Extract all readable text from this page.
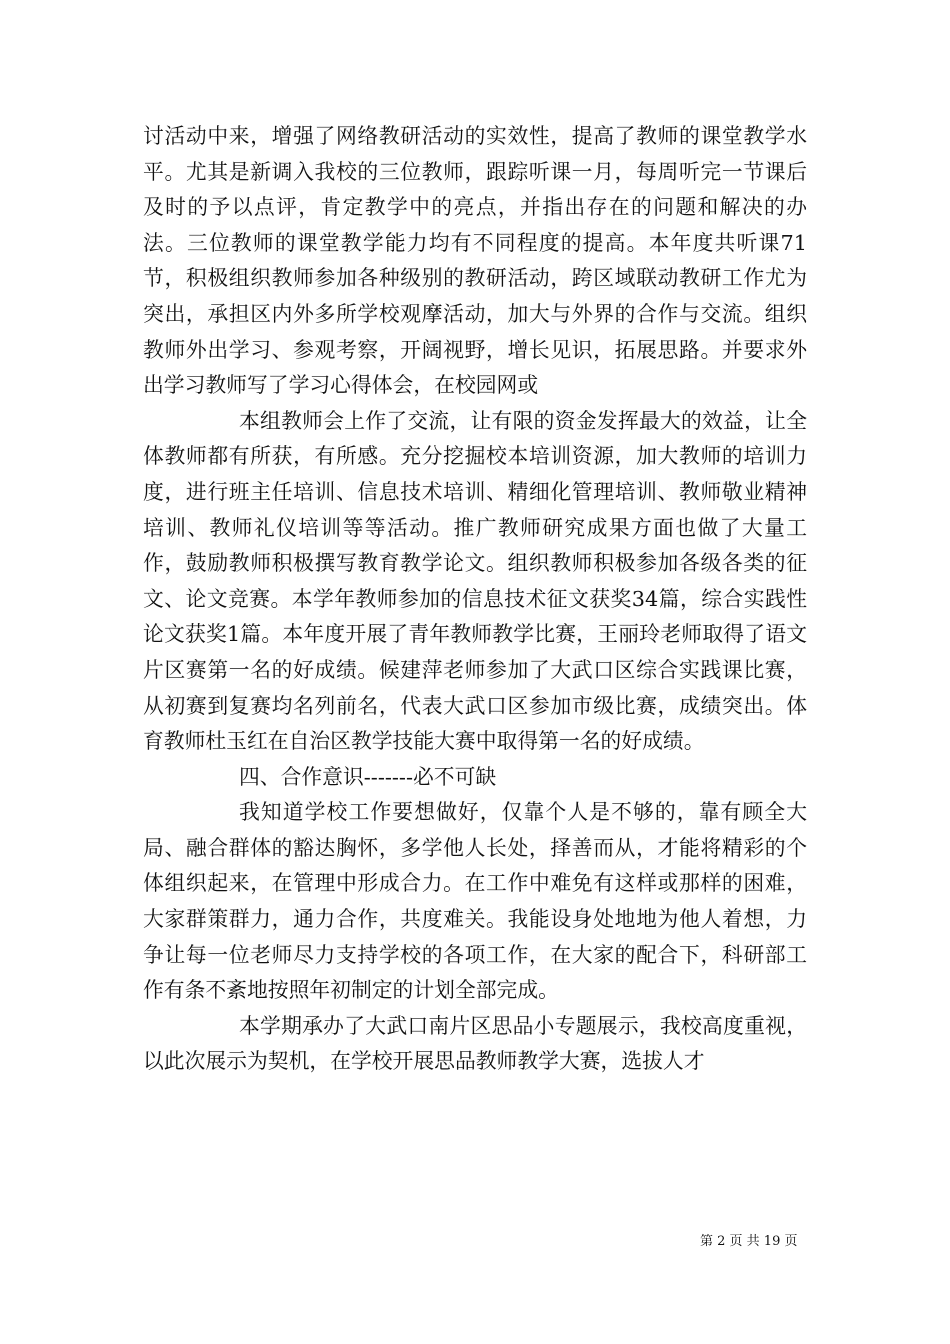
讨活动中来，增强了网络教研活动的实效性，提高了教师的课堂教学水平。尤其是新调入我校的三位教师，跟踪听课一月，每周听完一节课后及时的予以点评，肯定教学中的亮点，并指出存在的问题和解决的办法。三位教师的课堂教学能力均有不同程度的提高。本年度共听课71节，积极组织教师参加各种级别的教研活动，跨区域联动教研工作尤为突出，承担区内外多所学校观摩活动，加大与外界的合作与交流。组织教师外出学习、参观考察，开阔视野，增长见识，拓展思路。并要求外出学习教师写了学习心得体会，在校园网或

本组教师会上作了交流，让有限的资金发挥最大的效益，让全体教师都有所获，有所感。充分挖掘校本培训资源，加大教师的培训力度，进行班主任培训、信息技术培训、精细化管理培训、教师敬业精神培训、教师礼仪培训等等活动。推广教师研究成果方面也做了大量工作，鼓励教师积极撰写教育教学论文。组织教师积极参加各级各类的征文、论文竞赛。本学年教师参加的信息技术征文获奖34篇，综合实践性论文获奖1篇。本年度开展了青年教师教学比赛，王丽玲老师取得了语文片区赛第一名的好成绩。候建萍老师参加了大武口区综合实践课比赛，从初赛到复赛均名列前名，代表大武口区参加市级比赛，成绩突出。体育教师杜玉红在自治区教学技能大赛中取得第一名的好成绩。

四、合作意识-------必不可缺

我知道学校工作要想做好，仅靠个人是不够的，靠有顾全大局、融合群体的豁达胸怀，多学他人长处，择善而从，才能将精彩的个体组织起来，在管理中形成合力。在工作中难免有这样或那样的困难，大家群策群力，通力合作，共度难关。我能设身处地地为他人着想，力争让每一位老师尽力支持学校的各项工作，在大家的配合下，科研部工作有条不紊地按照年初制定的计划全部完成。

本学期承办了大武口南片区思品小专题展示，我校高度重视，以此次展示为契机，在学校开展思品教师教学大赛，选拔人才

第 2 页 共 19 页
